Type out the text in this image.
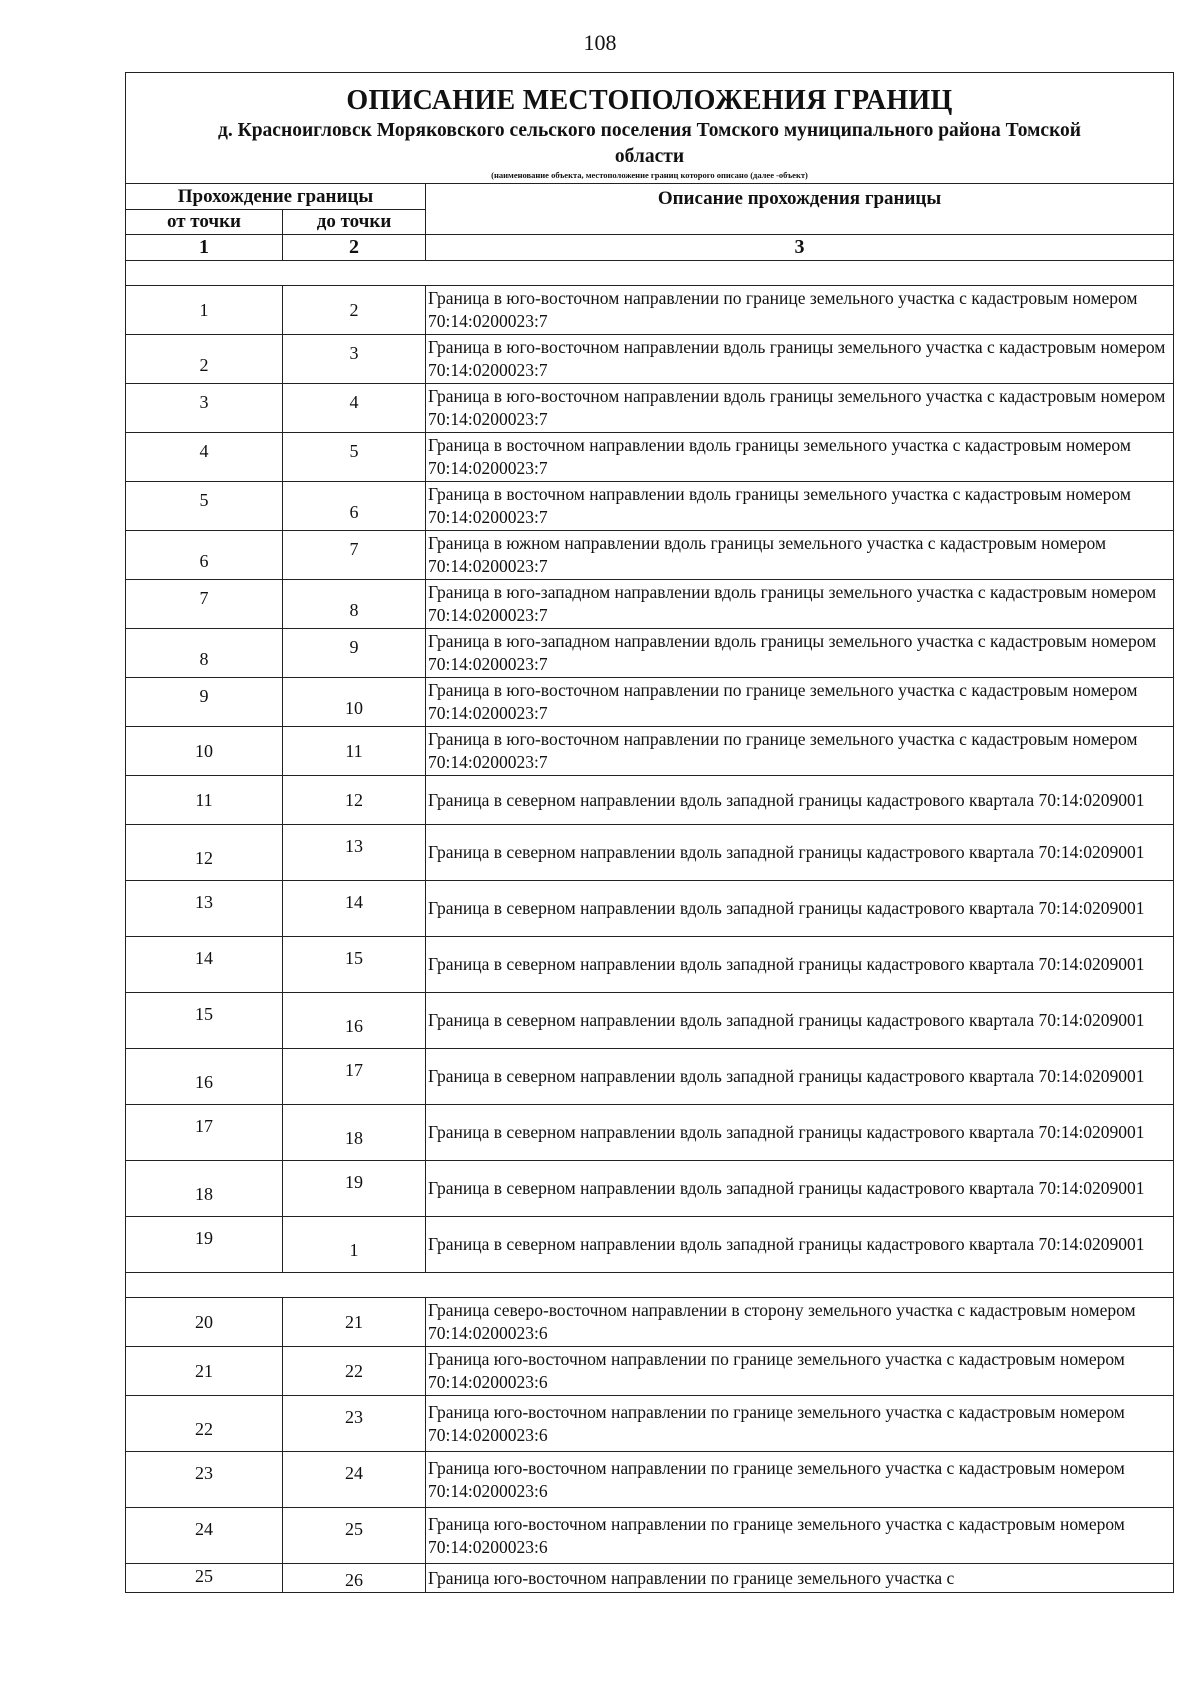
108
ОПИСАНИЕ МЕСТОПОЛОЖЕНИЯ ГРАНИЦ
д. Красноигловск Моряковского сельского поселения Томского муниципального района Томской
области
(наименование объекта, местоположение границ которого описано (далее -объект)		

Прохождение границы		Описание прохождения границы
от точки	до точки	
1	2	3

1	2	Граница в юго-восточном направлении по границе земельного участка с кадастровым номером 70:14:0200023:7

2	3	Граница в юго-восточном направлении вдоль границы земельного участка с кадастровым номером 70:14:0200023:7

3	4	Граница в юго-восточном направлении вдоль границы земельного участка с кадастровым номером 70:14:0200023:7

4	5	Граница в восточном направлении вдоль границы земельного участка с кадастровым номером 70:14:0200023:7

5	6	Граница в восточном направлении вдоль границы земельного участка с кадастровым номером 70:14:0200023:7

6	7	Граница в южном направлении вдоль границы земельного участка с кадастровым номером 70:14:0200023:7

7	8	Граница в юго-западном направлении вдоль границы земельного участка с кадастровым номером 70:14:0200023:7

8	9	Граница в юго-западном направлении вдоль границы земельного участка с кадастровым номером 70:14:0200023:7

9	10	Граница в юго-восточном направлении по границе земельного участка с кадастровым номером 70:14:0200023:7

10	11	Граница в юго-восточном направлении по границе земельного участка с кадастровым номером 70:14:0200023:7

11	12	Граница в северном направлении вдоль западной границы кадастрового квартала 70:14:0209001

12	13	Граница в северном направлении вдоль западной границы кадастрового квартала 70:14:0209001

13	14	Граница в северном направлении вдоль западной границы кадастрового квартала 70:14:0209001

14	15	Граница в северном направлении вдоль западной границы кадастрового квартала 70:14:0209001

15	16	Граница в северном направлении вдоль западной границы кадастрового квартала 70:14:0209001

16	17	Граница в северном направлении вдоль западной границы кадастрового квартала 70:14:0209001

17	18	Граница в северном направлении вдоль западной границы кадастрового квартала 70:14:0209001

18	19	Граница в северном направлении вдоль западной границы кадастрового квартала 70:14:0209001

19	1	Граница в северном направлении вдоль западной границы кадастрового квартала 70:14:0209001

20	21	Граница северо-восточном направлении в сторону земельного участка с кадастровым номером 70:14:0200023:6

21	22	Граница юго-восточном направлении по границе земельного участка с кадастровым номером 70:14:0200023:6

22	23	Граница юго-восточном направлении по границе земельного участка с кадастровым номером 70:14:0200023:6

23	24	Граница юго-восточном направлении по границе земельного участка с кадастровым номером 70:14:0200023:6

24	25	Граница юго-восточном направлении по границе земельного участка с кадастровым номером 70:14:0200023:6

25	26	Граница юго-восточном направлении по границе земельного участка с
